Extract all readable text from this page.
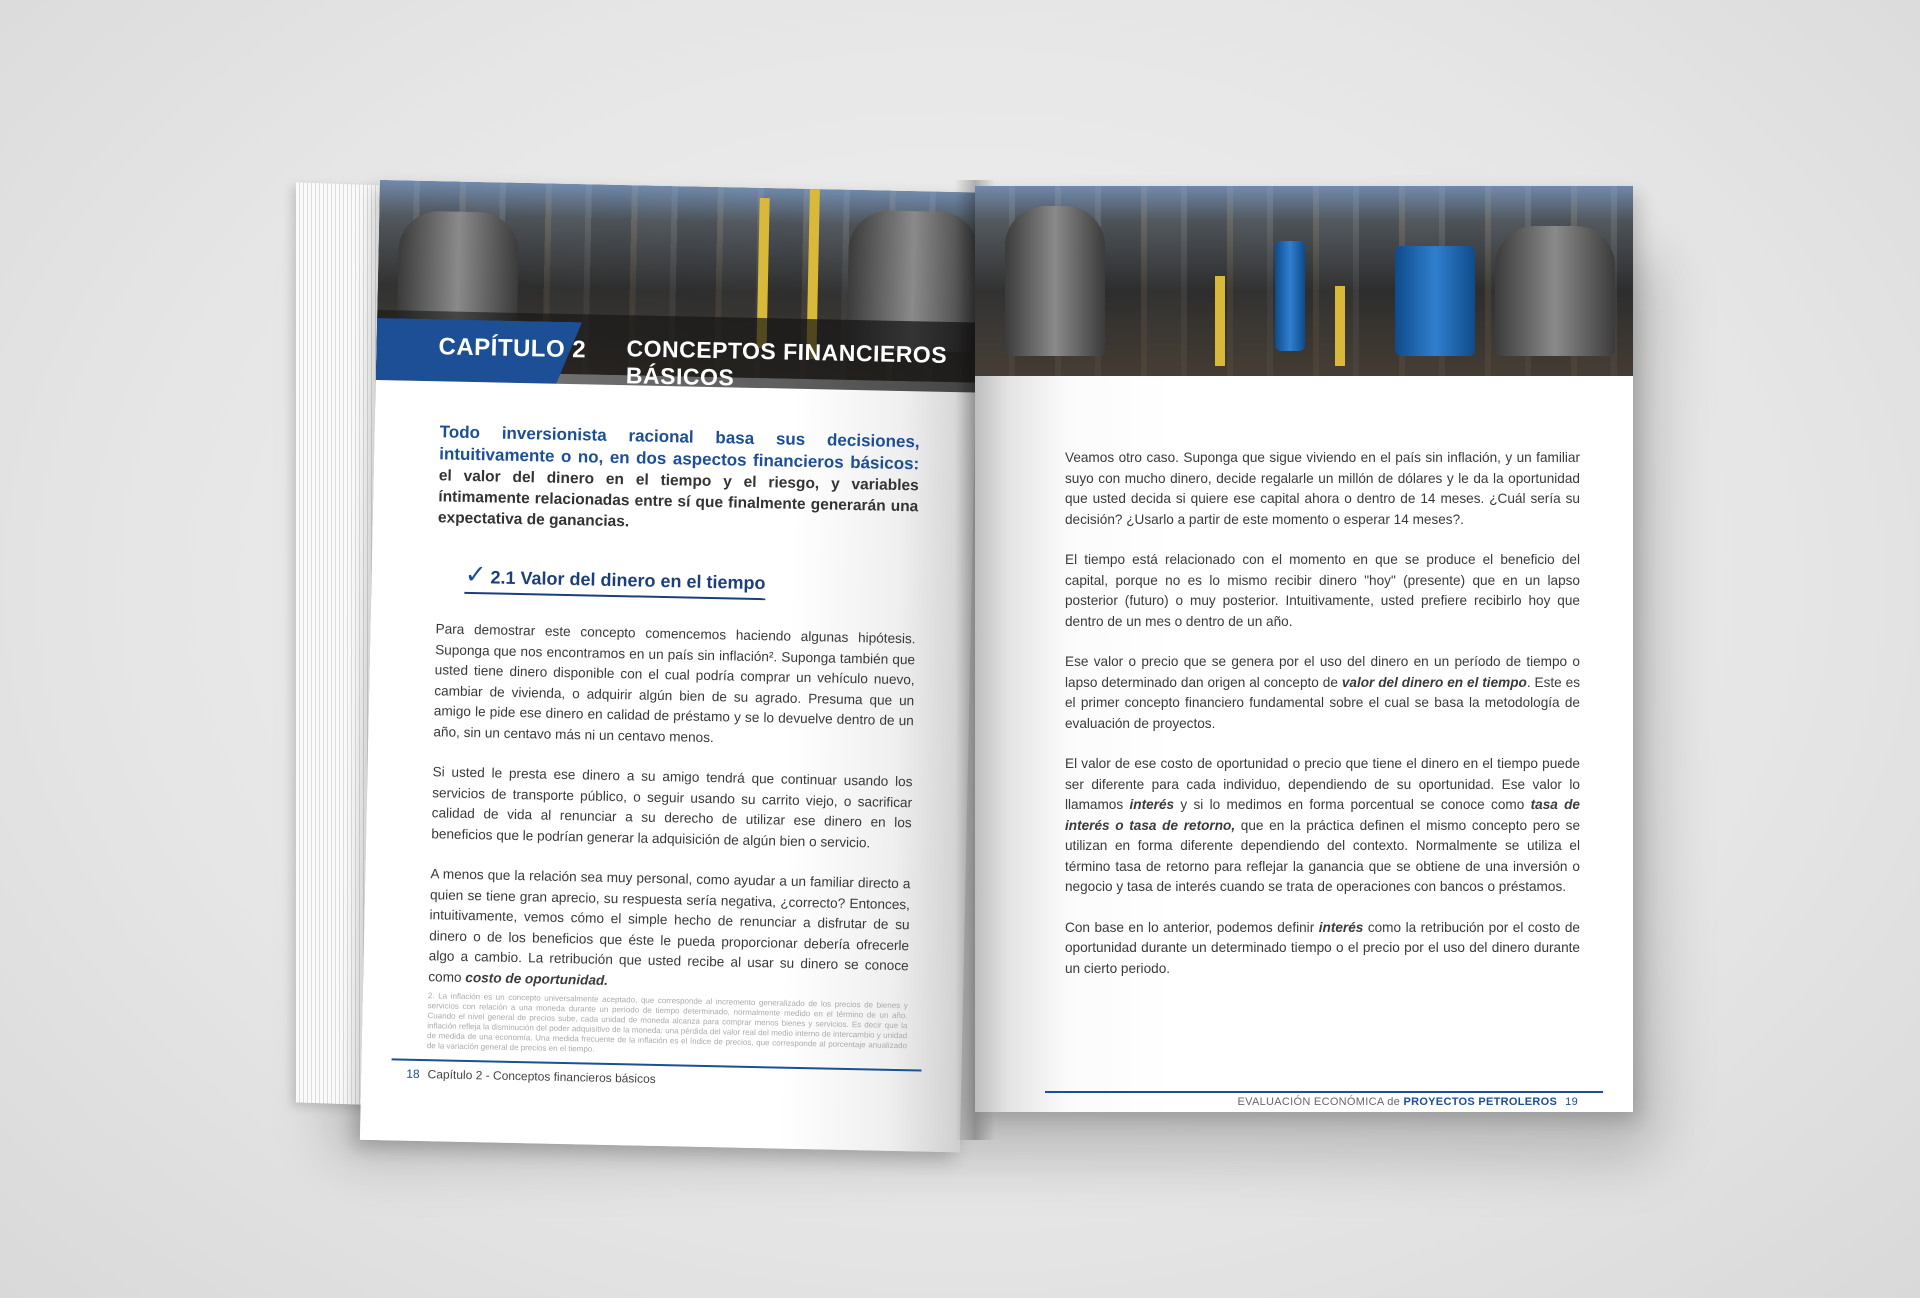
CAPÍTULO 2 CONCEPTOS FINANCIEROS BÁSICOS
Todo inversionista racional basa sus decisiones, intuitivamente o no, en dos aspectos financieros básicos: el valor del dinero en el tiempo y el riesgo, y variables íntimamente relacionadas entre sí que finalmente generarán una expectativa de ganancias.
✓ 2.1 Valor del dinero en el tiempo

Para demostrar este concepto comencemos haciendo algunas hipótesis. Suponga que nos encontramos en un país sin inflación². Suponga también que usted tiene dinero disponible con el cual podría comprar un vehículo nuevo, cambiar de vivienda, o adquirir algún bien de su agrado. Presuma que un amigo le pide ese dinero en calidad de préstamo y se lo devuelve dentro de un año, sin un centavo más ni un centavo menos.

Si usted le presta ese dinero a su amigo tendrá que continuar usando los servicios de transporte público, o seguir usando su carrito viejo, o sacrificar calidad de vida al renunciar a su derecho de utilizar ese dinero en los beneficios que le podrían generar la adquisición de algún bien o servicio.

A menos que la relación sea muy personal, como ayudar a un familiar directo a quien se tiene gran aprecio, su respuesta sería negativa, ¿correcto? Entonces, intuitivamente, vemos cómo el simple hecho de renunciar a disfrutar de su dinero o de los beneficios que éste le pueda proporcionar debería ofrecerle algo a cambio. La retribución que usted recibe al usar su dinero se conoce como costo de oportunidad.

2. La inflación es un concepto universalmente aceptado, que corresponde al incremento generalizado de los precios de bienes y servicios con relación a una moneda durante un período de tiempo determinado, normalmente medido en el término de un año. Cuando el nivel general de precios sube, cada unidad de moneda alcanza para comprar menos bienes y servicios. Es decir que la inflación refleja la disminución del poder adquisitivo de la moneda: una pérdida del valor real del medio interno de intercambio y unidad de medida de una economía. Una medida frecuente de la inflación es el índice de precios, que corresponde al porcentaje anualizado de la variación general de precios en el tiempo.
18 Capítulo 2 - Conceptos financieros básicos

Veamos otro caso. Suponga que sigue viviendo en el país sin inflación, y un familiar suyo con mucho dinero, decide regalarle un millón de dólares y le da la oportunidad que usted decida si quiere ese capital ahora o dentro de 14 meses. ¿Cuál sería su decisión? ¿Usarlo a partir de este momento o esperar 14 meses?.

El tiempo está relacionado con el momento en que se produce el beneficio del capital, porque no es lo mismo recibir dinero "hoy" (presente) que en un lapso posterior (futuro) o muy posterior. Intuitivamente, usted prefiere recibirlo hoy que dentro de un mes o dentro de un año.

Ese valor o precio que se genera por el uso del dinero en un período de tiempo o lapso determinado dan origen al concepto de valor del dinero en el tiempo. Este es el primer concepto financiero fundamental sobre el cual se basa la metodología de evaluación de proyectos.

El valor de ese costo de oportunidad o precio que tiene el dinero en el tiempo puede ser diferente para cada individuo, dependiendo de su oportunidad. Ese valor lo llamamos interés y si lo medimos en forma porcentual se conoce como tasa de interés o tasa de retorno, que en la práctica definen el mismo concepto pero se utilizan en forma diferente dependiendo del contexto. Normalmente se utiliza el término tasa de retorno para reflejar la ganancia que se obtiene de una inversión o negocio y tasa de interés cuando se trata de operaciones con bancos o préstamos.

Con base en lo anterior, podemos definir interés como la retribución por el costo de oportunidad durante un determinado tiempo o el precio por el uso del dinero durante un cierto periodo.

EVALUACIÓN ECONÓMICA de PROYECTOS PETROLEROS 19
